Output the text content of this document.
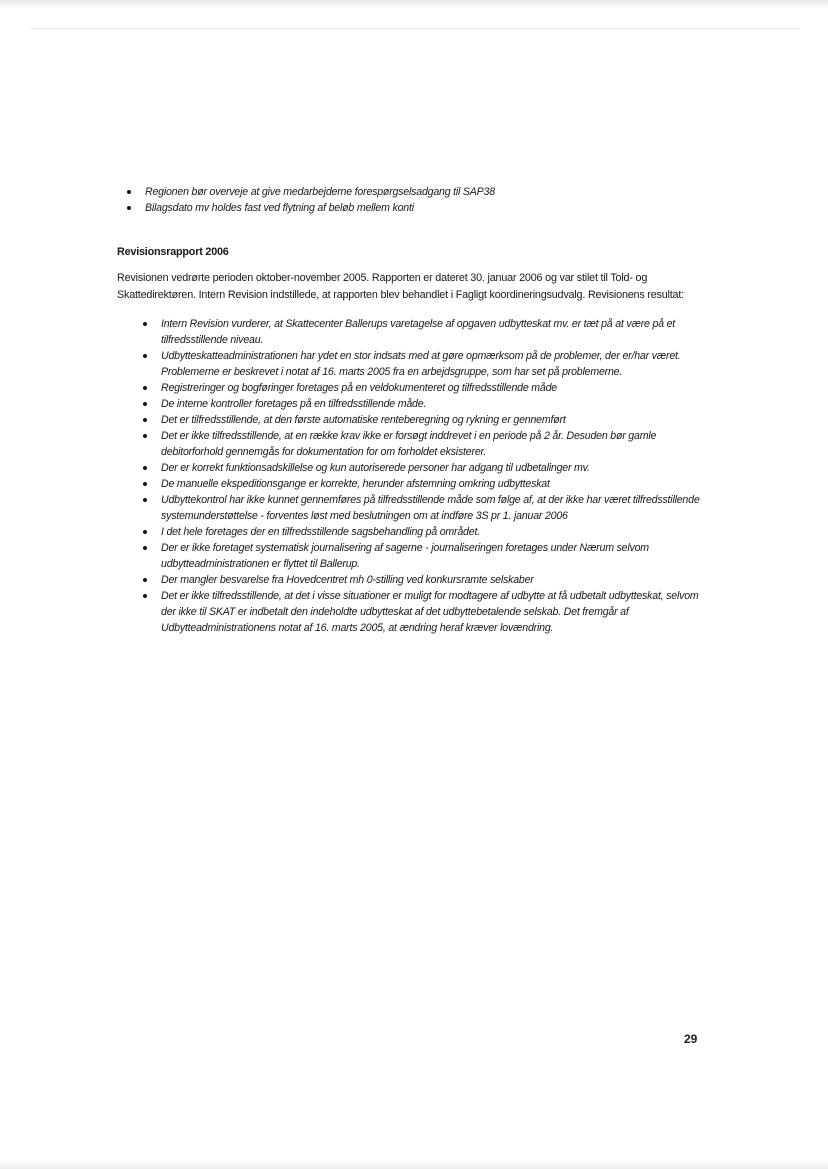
Regionen bør overveje at give medarbejderne forespørgselsadgang til SAP38
Bilagsdato mv holdes fast ved flytning af beløb mellem konti
Revisionsrapport 2006

Revisionen vedrørte perioden oktober-november 2005. Rapporten er dateret 30. januar 2006 og var stilet til Told- og Skattedirektøren. Intern Revision indstillede, at rapporten blev behandlet i Fagligt koordineringsudvalg. Revisionens resultat:

Intern Revision vurderer, at Skattecenter Ballerups varetagelse af opgaven udbytteskat mv. er tæt på at være på et tilfredsstillende niveau.
Udbytteskatteadministrationen har ydet en stor indsats med at gøre opmærksom på de problemer, der er/har været. Problemerne er beskrevet i notat af 16. marts 2005 fra en arbejdsgruppe, som har set på problemerne.
Registreringer og bogføringer foretages på en veldokumenteret og tilfredsstillende måde
De interne kontroller foretages på en tilfredsstillende måde.
Det er tilfredsstillende, at den første automatiske renteberegning og rykning er gennemført
Det er ikke tilfredsstillende, at en række krav ikke er forsøgt inddrevet i en periode på 2 år. Desuden bør gamle debitorforhold gennemgås for dokumentation for om forholdet eksisterer.
Der er korrekt funktionsadskillelse og kun autoriserede personer har adgang til udbetalinger mv.
De manuelle ekspeditionsgange er korrekte, herunder afstemning omkring udbytteskat
Udbyttekontrol har ikke kunnet gennemføres på tilfredsstillende måde som følge af, at der ikke har været tilfredsstillende systemunderstøttelse - forventes løst med beslutningen om at indføre 3S pr 1. januar 2006
I det hele foretages der en tilfredsstillende sagsbehandling på området.
Der er ikke foretaget systematisk journalisering af sagerne - journaliseringen foretages under Nærum selvom udbytteadministrationen er flyttet til Ballerup.
Der mangler besvarelse fra Hovedcentret mh 0-stilling ved konkursramte selskaber
Det er ikke tilfredsstillende, at det i visse situationer er muligt for modtagere af udbytte at få udbetalt udbytteskat, selvom der ikke til SKAT er indbetalt den indeholdte udbytteskat af det udbyttebetalende selskab. Det fremgår af Udbytteadministrationens notat af 16. marts 2005, at ændring heraf kræver lovændring.
29
